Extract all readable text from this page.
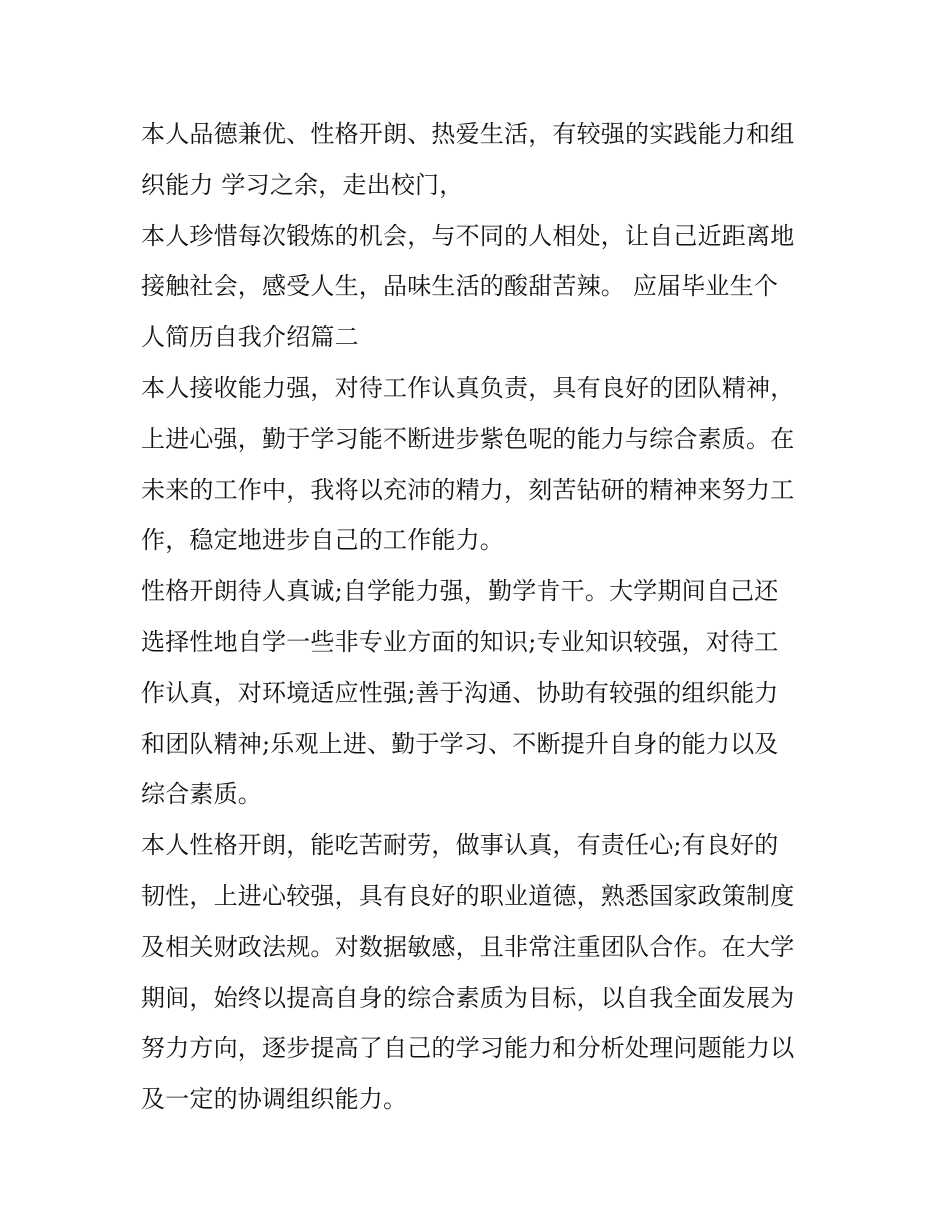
本人品德兼优、性格开朗、热爱生活，有较强的实践能力和组
织能力 学习之余，走出校门，
本人珍惜每次锻炼的机会，与不同的人相处，让自己近距离地
接触社会，感受人生，品味生活的酸甜苦辣。 应届毕业生个
人简历自我介绍篇二
本人接收能力强，对待工作认真负责，具有良好的团队精神，
上进心强，勤于学习能不断进步紫色呢的能力与综合素质。在
未来的工作中，我将以充沛的精力，刻苦钻研的精神来努力工
作，稳定地进步自己的工作能力。
性格开朗待人真诚;自学能力强，勤学肯干。大学期间自己还
选择性地自学一些非专业方面的知识;专业知识较强，对待工
作认真，对环境适应性强;善于沟通、协助有较强的组织能力
和团队精神;乐观上进、勤于学习、不断提升自身的能力以及
综合素质。
本人性格开朗，能吃苦耐劳，做事认真，有责任心;有良好的
韧性，上进心较强，具有良好的职业道德，熟悉国家政策制度
及相关财政法规。对数据敏感，且非常注重团队合作。在大学
期间，始终以提高自身的综合素质为目标，以自我全面发展为
努力方向，逐步提高了自己的学习能力和分析处理问题能力以
及一定的协调组织能力。
